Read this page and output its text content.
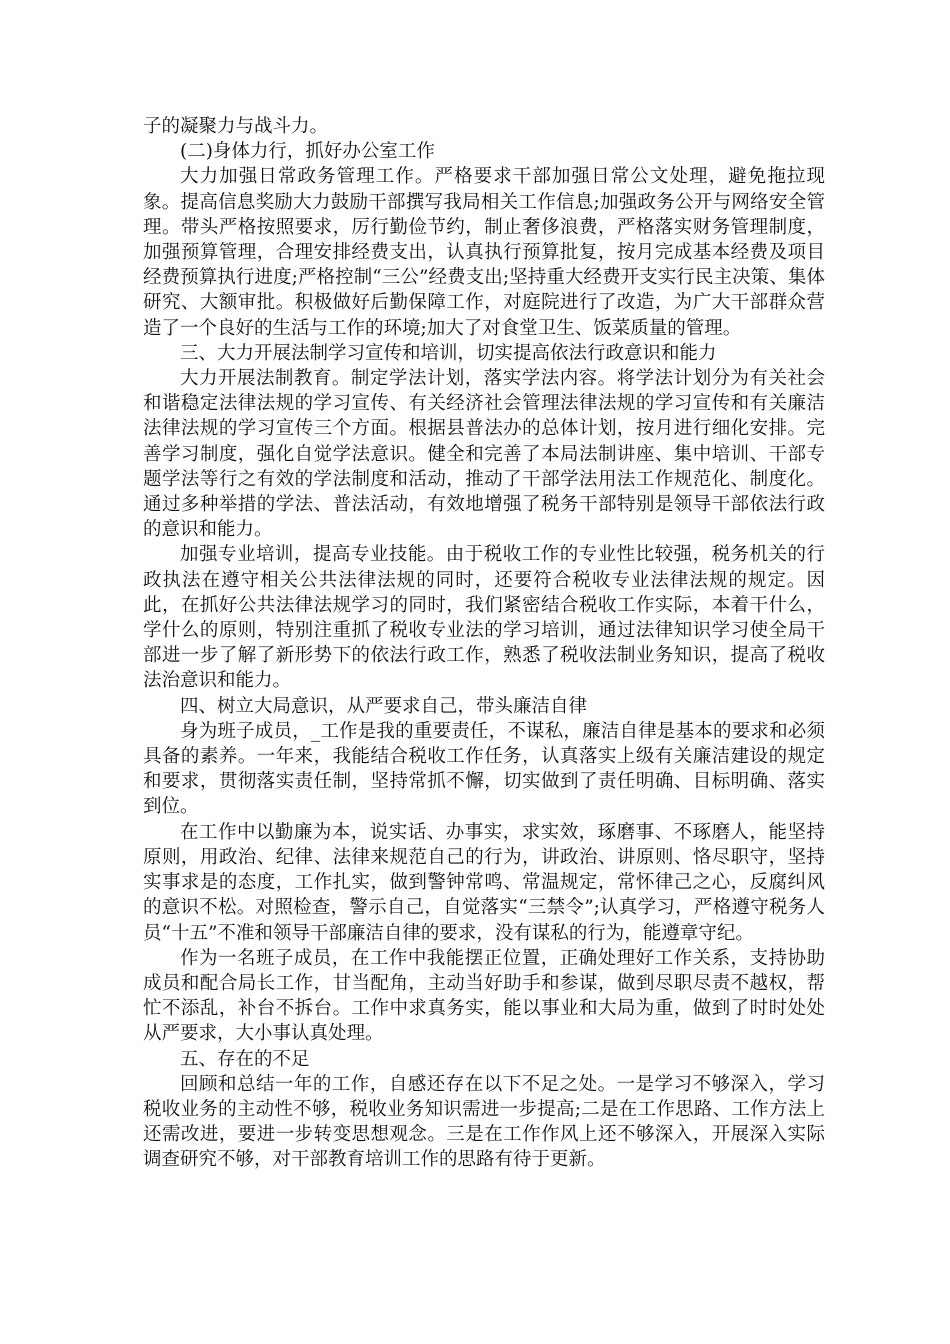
子的凝聚力与战斗力。

(二)身体力行，抓好办公室工作

大力加强日常政务管理工作。严格要求干部加强日常公文处理，避免拖拉现象。提高信息奖励大力鼓励干部撰写我局相关工作信息;加强政务公开与网络安全管理。带头严格按照要求，厉行勤俭节约，制止奢侈浪费，严格落实财务管理制度，加强预算管理，合理安排经费支出，认真执行预算批复，按月完成基本经费及项目经费预算执行进度;严格控制“三公”经费支出;坚持重大经费开支实行民主决策、集体研究、大额审批。积极做好后勤保障工作，对庭院进行了改造，为广大干部群众营造了一个良好的生活与工作的环境;加大了对食堂卫生、饭菜质量的管理。

三、大力开展法制学习宣传和培训，切实提高依法行政意识和能力

大力开展法制教育。制定学法计划，落实学法内容。将学法计划分为有关社会和谐稳定法律法规的学习宣传、有关经济社会管理法律法规的学习宣传和有关廉洁法律法规的学习宣传三个方面。根据县普法办的总体计划，按月进行细化安排。完善学习制度，强化自觉学法意识。健全和完善了本局法制讲座、集中培训、干部专题学法等行之有效的学法制度和活动，推动了干部学法用法工作规范化、制度化。通过多种举措的学法、普法活动，有效地增强了税务干部特别是领导干部依法行政的意识和能力。

加强专业培训，提高专业技能。由于税收工作的专业性比较强，税务机关的行政执法在遵守相关公共法律法规的同时，还要符合税收专业法律法规的规定。因此，在抓好公共法律法规学习的同时，我们紧密结合税收工作实际，本着干什么，学什么的原则，特别注重抓了税收专业法的学习培训，通过法律知识学习使全局干部进一步了解了新形势下的依法行政工作，熟悉了税收法制业务知识，提高了税收法治意识和能力。

四、树立大局意识，从严要求自己，带头廉洁自律

身为班子成员，_工作是我的重要责任，不谋私，廉洁自律是基本的要求和必须具备的素养。一年来，我能结合税收工作任务，认真落实上级有关廉洁建设的规定和要求，贯彻落实责任制，坚持常抓不懈，切实做到了责任明确、目标明确、落实到位。

在工作中以勤廉为本，说实话、办事实，求实效，琢磨事、不琢磨人，能坚持原则，用政治、纪律、法律来规范自己的行为，讲政治、讲原则、恪尽职守，坚持实事求是的态度，工作扎实，做到警钟常鸣、常温规定，常怀律己之心，反腐纠风的意识不松。对照检查，警示自己，自觉落实“三禁令”;认真学习，严格遵守税务人员“十五”不准和领导干部廉洁自律的要求，没有谋私的行为，能遵章守纪。

作为一名班子成员，在工作中我能摆正位置，正确处理好工作关系，支持协助成员和配合局长工作，甘当配角，主动当好助手和参谋，做到尽职尽责不越权，帮忙不添乱，补台不拆台。工作中求真务实，能以事业和大局为重，做到了时时处处从严要求，大小事认真处理。

五、存在的不足

回顾和总结一年的工作，自感还存在以下不足之处。一是学习不够深入，学习税收业务的主动性不够，税收业务知识需进一步提高;二是在工作思路、工作方法上还需改进，要进一步转变思想观念。三是在工作作风上还不够深入，开展深入实际调查研究不够，对干部教育培训工作的思路有待于更新。
